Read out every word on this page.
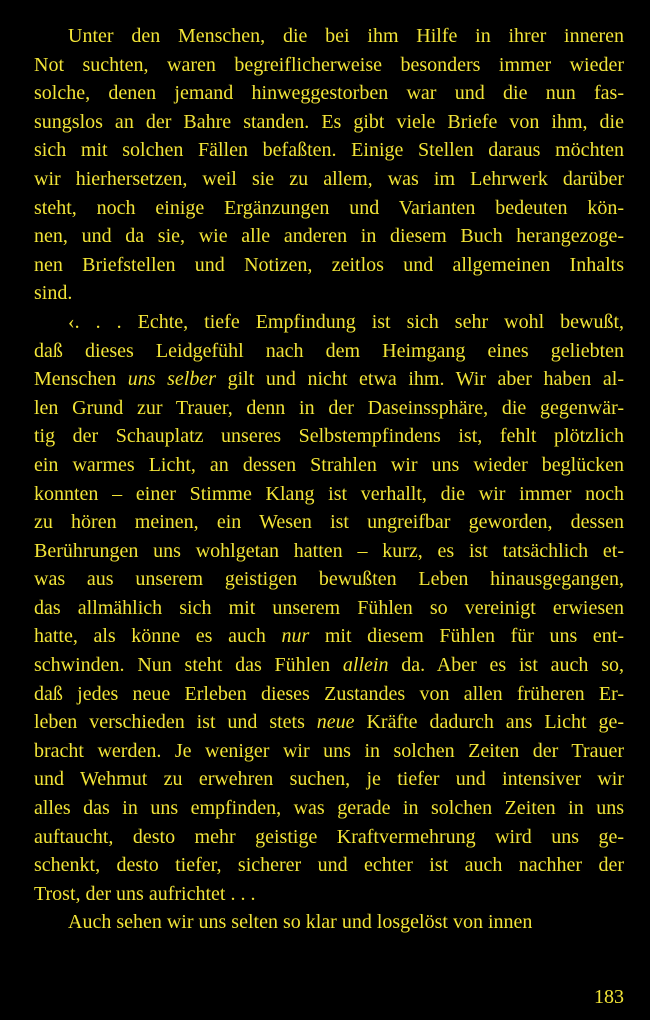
Unter den Menschen, die bei ihm Hilfe in ihrer inneren
Not suchten, waren begreiflicherweise besonders immer wieder
solche, denen jemand hinweggestorben war und die nun fas-
sungslos an der Bahre standen. Es gibt viele Briefe von ihm, die
sich mit solchen Fällen befaßten. Einige Stellen daraus möchten
wir hierhersetzen, weil sie zu allem, was im Lehrwerk darüber
steht, noch einige Ergänzungen und Varianten bedeuten kön-
nen, und da sie, wie alle anderen in diesem Buch herangezoge-
nen Briefstellen und Notizen, zeitlos und allgemeinen Inhalts
sind.
‹. . . Echte, tiefe Empfindung ist sich sehr wohl bewußt,
daß dieses Leidgefühl nach dem Heimgang eines geliebten
Menschen uns selber gilt und nicht etwa ihm. Wir aber haben al-
len Grund zur Trauer, denn in der Daseinssphäre, die gegenwär-
tig der Schauplatz unseres Selbstempfindens ist, fehlt plötzlich
ein warmes Licht, an dessen Strahlen wir uns wieder beglücken
konnten – einer Stimme Klang ist verhallt, die wir immer noch
zu hören meinen, ein Wesen ist ungreifbar geworden, dessen
Berührungen uns wohlgetan hatten – kurz, es ist tatsächlich et-
was aus unserem geistigen bewußten Leben hinausgegangen,
das allmählich sich mit unserem Fühlen so vereinigt erwiesen
hatte, als könne es auch nur mit diesem Fühlen für uns ent-
schwinden. Nun steht das Fühlen allein da. Aber es ist auch so,
daß jedes neue Erleben dieses Zustandes von allen früheren Er-
leben verschieden ist und stets neue Kräfte dadurch ans Licht ge-
bracht werden. Je weniger wir uns in solchen Zeiten der Trauer
und Wehmut zu erwehren suchen, je tiefer und intensiver wir
alles das in uns empfinden, was gerade in solchen Zeiten in uns
auftaucht, desto mehr geistige Kraftvermehrung wird uns ge-
schenkt, desto tiefer, sicherer und echter ist auch nachher der
Trost, der uns aufrichtet . . .
Auch sehen wir uns selten so klar und losgelöst von innen
183
